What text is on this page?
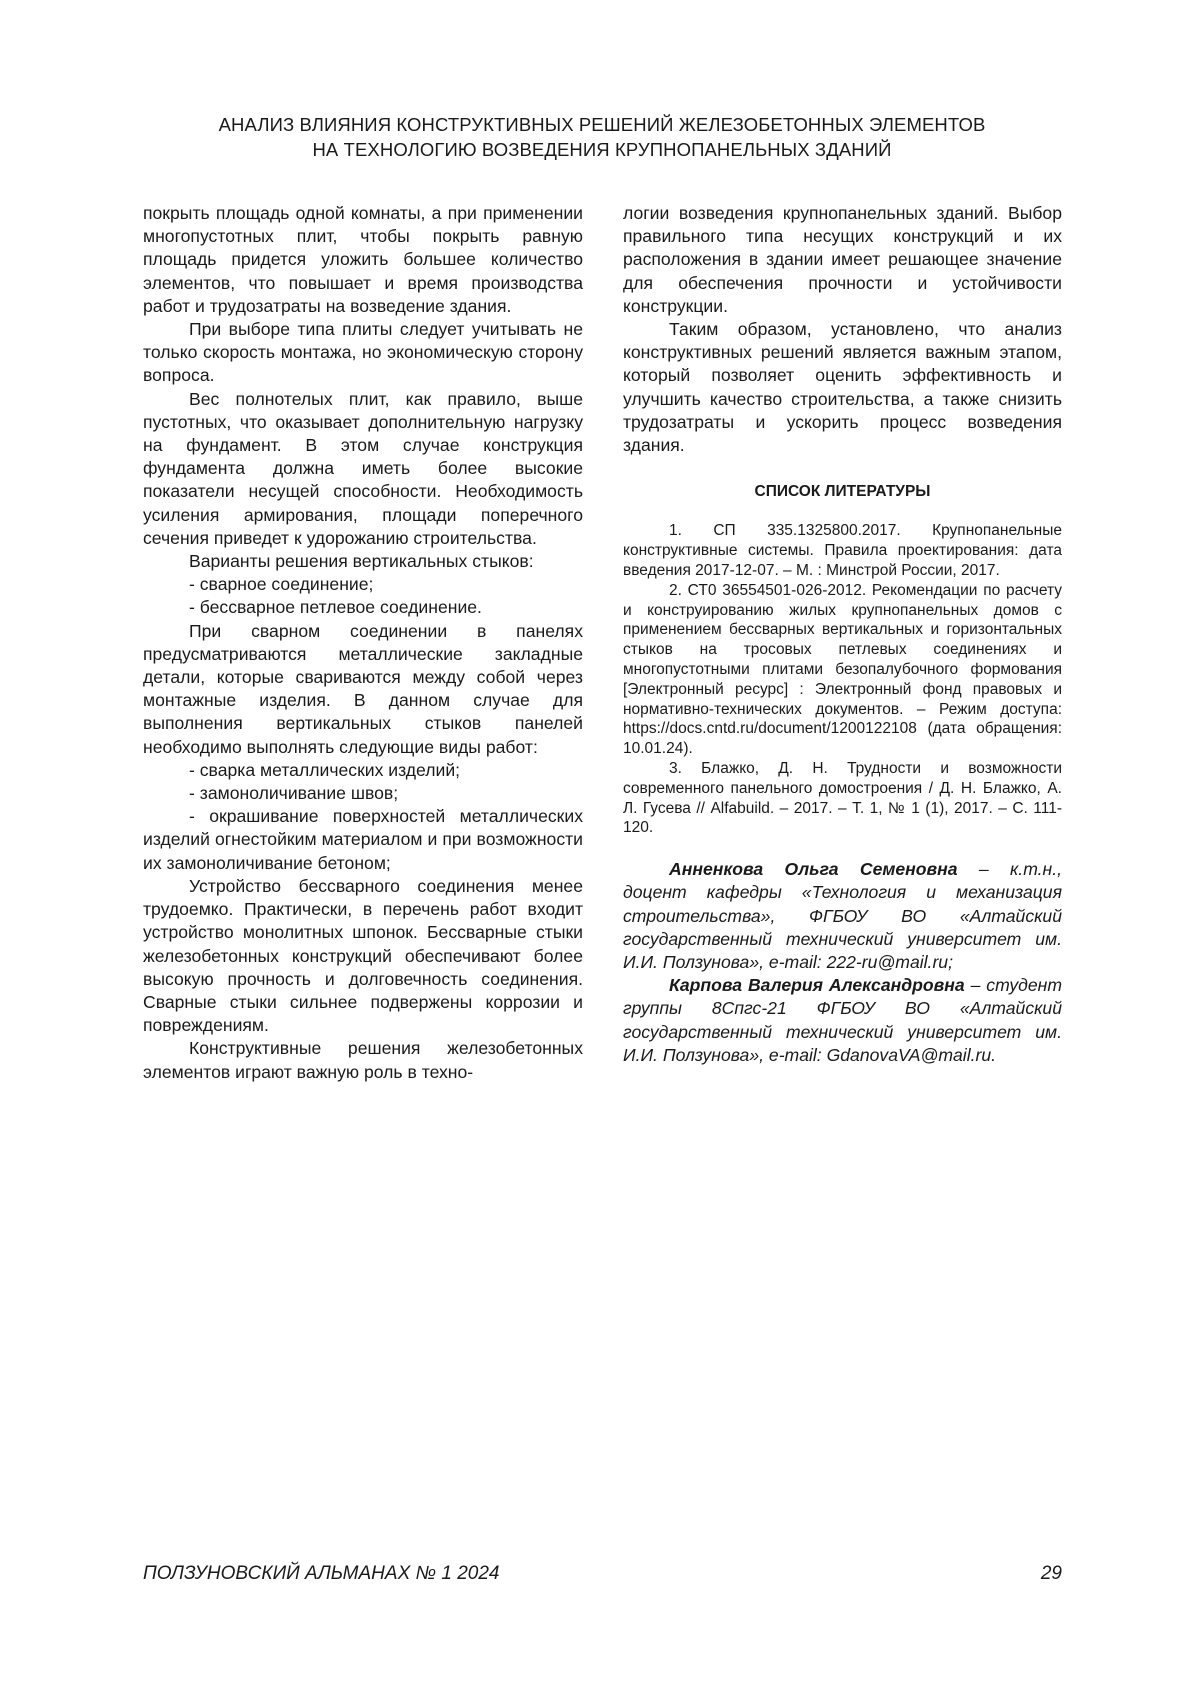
АНАЛИЗ ВЛИЯНИЯ КОНСТРУКТИВНЫХ РЕШЕНИЙ ЖЕЛЕЗОБЕТОННЫХ ЭЛЕМЕНТОВ
НА ТЕХНОЛОГИЮ ВОЗВЕДЕНИЯ КРУПНОПАНЕЛЬНЫХ ЗДАНИЙ

покрыть площадь одной комнаты, а при применении многопустотных плит, чтобы покрыть равную площадь придется уложить большее количество элементов, что повышает и время производства работ и трудозатраты на возведение здания.

При выборе типа плиты следует учитывать не только скорость монтажа, но экономическую сторону вопроса.

Вес полнотелых плит, как правило, выше пустотных, что оказывает дополнительную нагрузку на фундамент. В этом случае конструкция фундамента должна иметь более высокие показатели несущей способности. Необходимость усиления армирования, площади поперечного сечения приведет к удорожанию строительства.

Варианты решения вертикальных стыков:

- сварное соединение;

- бессварное петлевое соединение.

При сварном соединении в панелях предусматриваются металлические закладные детали, которые свариваются между собой через монтажные изделия. В данном случае для выполнения вертикальных стыков панелей необходимо выполнять следующие виды работ:

- сварка металлических изделий;

- замоноличивание швов;

- окрашивание поверхностей металлических изделий огнестойким материалом и при возможности их замоноличивание бетоном;

Устройство бессварного соединения менее трудоемко. Практически, в перечень работ входит устройство монолитных шпонок. Бессварные стыки железобетонных конструкций обеспечивают более высокую прочность и долговечность соединения. Сварные стыки сильнее подвержены коррозии и повреждениям.

Конструктивные решения железобетонных элементов играют важную роль в техно-

логии возведения крупнопанельных зданий. Выбор правильного типа несущих конструкций и их расположения в здании имеет решающее значение для обеспечения прочности и устойчивости конструкции.

Таким образом, установлено, что анализ конструктивных решений является важным этапом, который позволяет оценить эффективность и улучшить качество строительства, а также снизить трудозатраты и ускорить процесс возведения здания.

СПИСОК ЛИТЕРАТУРЫ

1. СП 335.1325800.2017. Крупнопанельные конструктивные системы. Правила проектирования: дата введения 2017-12-07. – М. : Минстрой России, 2017.

2. СТ0 36554501-026-2012. Рекомендации по расчету и конструированию жилых крупнопанельных домов с применением бессварных вертикальных и горизонтальных стыков на тросовых петлевых соединениях и многопустотными плитами безопалубочного формования [Электронный ресурс] : Электронный фонд правовых и нормативно-технических документов. – Режим доступа: https://docs.cntd.ru/document/1200122108 (дата обращения: 10.01.24).

3. Блажко, Д. Н. Трудности и возможности современного панельного домостроения / Д. Н. Блажко, А. Л. Гусева // Alfabuild. – 2017. – Т. 1, № 1 (1), 2017. – С. 111-120.

Анненкова Ольга Семеновна – к.т.н., доцент кафедры «Технология и механизация строительства», ФГБОУ ВО «Алтайский государственный технический университет им. И.И. Ползунова», e-mail: 222-ru@mail.ru;

Карпова Валерия Александровна – студент группы 8Спгс-21 ФГБОУ ВО «Алтайский государственный технический университет им. И.И. Ползунова», e-mail: GdanovaVA@mail.ru.

ПОЛЗУНОВСКИЙ АЛЬМАНАХ № 1 2024	29
